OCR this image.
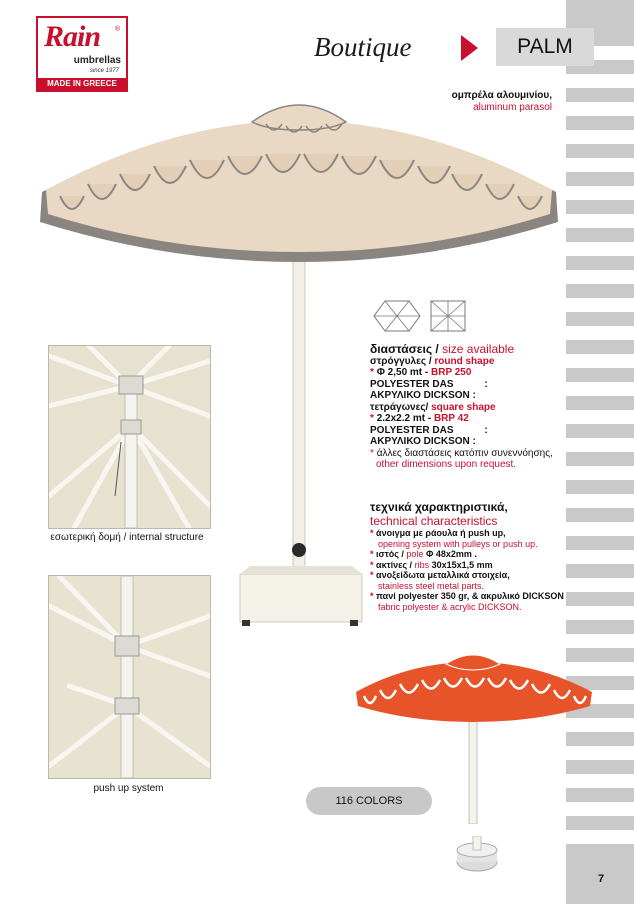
Rain ®
umbrellas
since 1977
MADE IN GREECE
Boutique	PALM
ομπρέλα αλουμινίου,
aluminum parasol
εσωτερική δομή / internal structure
push up system
διαστάσεις / size available
στρόγγυλες / round shape
* Φ 2,50 mt - BRP 250
POLYESTER DAS	:
ΑΚΡΥΛΙΚΟ DICKSON :
τετράγωνες/ square shape
* 2.2x2.2 mt - BRP 42
POLYESTER DAS	:
ΑΚΡΥΛΙΚΟ DICKSON :
* άλλες διαστάσεις κατόπιν συνεννόησης,
other dimensions upon request.
τεχνικά χαρακτηριστικά,
technical characteristics
* άνοιγμα με ράουλα ή push up,
opening system with pulleys or push up.
* ιστός / pole Φ 48x2mm .
* ακτίνες / ribs 30x15x1,5 mm
* ανοξείδωτα μεταλλικά στοιχεία,
stainless steel metal parts.
* πανί polyester 350 gr, & ακρυλικό DICKSON
fabric polyester & acrylic DICKSON.
116 COLORS
7
